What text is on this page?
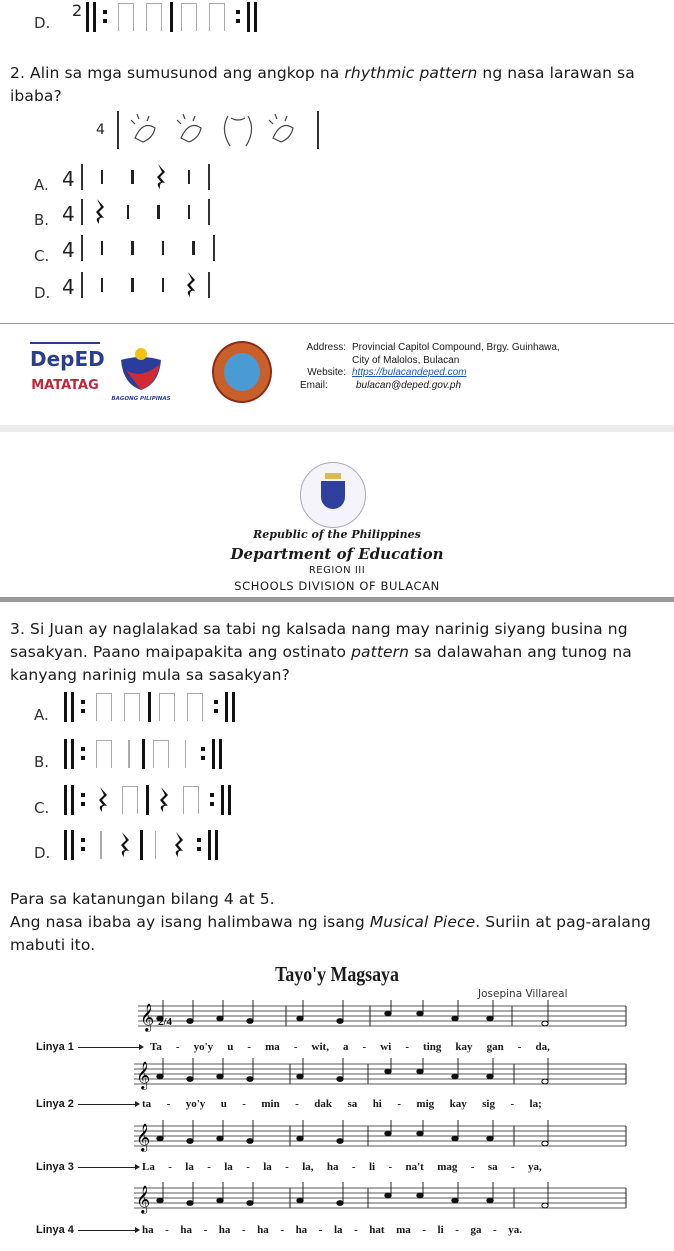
D.
2
2. Alin sa mga sumusunod ang angkop na rhythmic pattern ng nasa larawan sa ibaba?
4
A. 4
B. 4
C. 4
D. 4
DepED
MATATAG
BAGONG PILIPINAS
Address: Provincial Capitol Compound, Brgy. Guinhawa,
City of Malolos, Bulacan
Website: https://bulacandeped.com
Email:	bulacan@deped.gov.ph
Republic of the Philippines
Department of Education
REGION III
SCHOOLS DIVISION OF BULACAN
3. Si Juan ay naglalakad sa tabi ng kalsada nang may narinig siyang busina ng sasakyan. Paano maipapakita ang ostinato pattern sa dalawahan ang tunog na kanyang narinig mula sa sasakyan?
A.
B.
C.
D.
Para sa katanungan bilang 4 at 5.
Ang nasa ibaba ay isang halimbawa ng isang Musical Piece. Suriin at pag-aralang mabuti ito.
Tayo'y Magsaya
Josepina Villareal
𝄞 2/4
𝄞
𝄞
𝄞
Linya 1	Ta - yo'y u - ma - wit, a - wi - ting kay gan - da,
Linya 2	ta - yo'y u - min - dak sa hi - mig kay sig - la;
Linya 3	La - la - la - la - la, ha - li - na't mag - sa - ya,
Linya 4	ha - ha - ha - ha - ha - la - hat ma - li - ga - ya.
